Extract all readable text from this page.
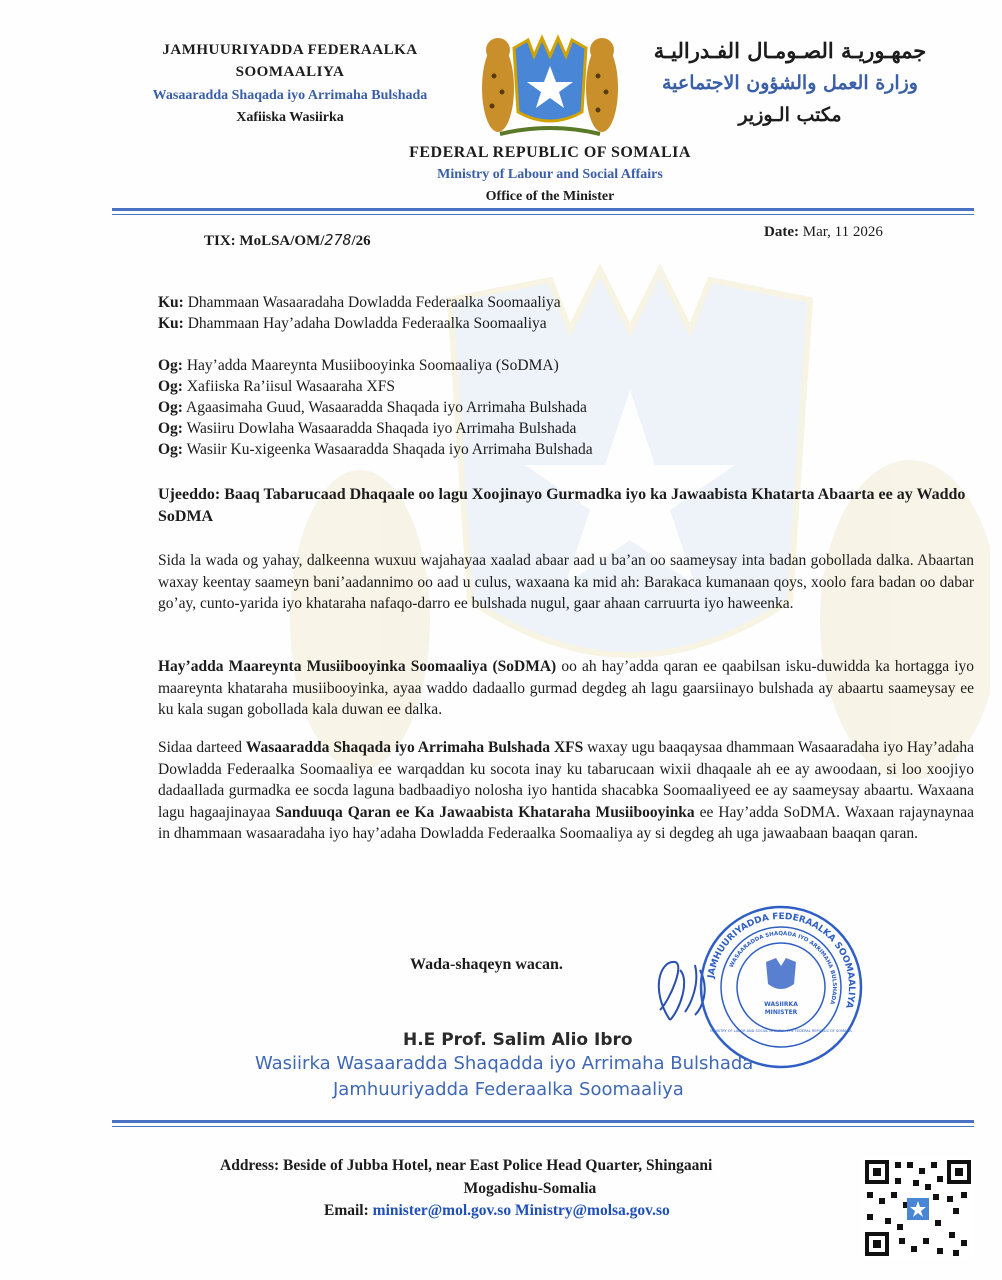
JAMHUURIYADDA FEDERAALKA
SOOMAALIYA
Wasaaradda Shaqada iyo Arrimaha Bulshada
Xafiiska Wasiirka
جمهـوريـة الصـومـال الفـدراليـة
وزارة العمل والشؤون الاجتماعية
مكتب الـوزير
FEDERAL REPUBLIC OF SOMALIA
Ministry of Labour and Social Affairs
Office of the Minister
TIX: MoLSA/OM/278/26
Date: Mar, 11 2026
Ku: Dhammaan Wasaaradaha Dowladda Federaalka Soomaaliya
Ku: Dhammaan Hay’adaha Dowladda Federaalka Soomaaliya
Og: Hay’adda Maareynta Musiibooyinka Soomaaliya (SoDMA)
Og: Xafiiska Ra’iisul Wasaaraha XFS
Og: Agaasimaha Guud, Wasaaradda Shaqada iyo Arrimaha Bulshada
Og: Wasiiru Dowlaha Wasaaradda Shaqada iyo Arrimaha Bulshada
Og: Wasiir Ku-xigeenka Wasaaradda Shaqada iyo Arrimaha Bulshada
Ujeeddo: Baaq Tabarucaad Dhaqaale oo lagu Xoojinayo Gurmadka iyo ka Jawaabista Khatarta Abaarta ee ay Waddo SoDMA
Sida la wada og yahay, dalkeenna wuxuu wajahayaa xaalad abaar aad u ba’an oo saameysay inta badan gobollada dalka. Abaartan waxay keentay saameyn bani’aadannimo oo aad u culus, waxaana ka mid ah: Barakaca kumanaan qoys, xoolo fara badan oo dabar go’ay, cunto-yarida iyo khataraha nafaqo-darro ee bulshada nugul, gaar ahaan carruurta iyo haweenka.
Hay’adda Maareynta Musiibooyinka Soomaaliya (SoDMA) oo ah hay’adda qaran ee qaabilsan isku-duwidda ka hortagga iyo maareynta khataraha musiibooyinka, ayaa waddo dadaallo gurmad degdeg ah lagu gaarsiinayo bulshada ay abaartu saameysay ee ku kala sugan gobollada kala duwan ee dalka.
Sidaa darteed Wasaaradda Shaqada iyo Arrimaha Bulshada XFS waxay ugu baaqaysaa dhammaan Wasaaradaha iyo Hay’adaha Dowladda Federaalka Soomaaliya ee warqaddan ku socota inay ku tabarucaan wixii dhaqaale ah ee ay awoodaan, si loo xoojiyo dadaallada gurmadka ee socda laguna badbaadiyo nolosha iyo hantida shacabka Soomaaliyeed ee ay saameysay abaartu. Waxaana lagu hagaajinayaa Sanduuqa Qaran ee Ka Jawaabista Khataraha Musiibooyinka ee Hay’adda SoDMA. Waxaan rajaynaynaa in dhammaan wasaaradaha iyo hay’adaha Dowladda Federaalka Soomaaliya ay si degdeg ah uga jawaabaan baaqan qaran.
Wada-shaqeyn wacan.
JAMHUURIYADDA FEDERAALKA SOOMAALIYA
WASAARADDA SHAQADA IYO ARRIMAHA BULSHADA
WASIIRKA
MINISTER
MINISTRY OF LABOR AND SOCIAL AFFAIRS · THE FEDERAL REPUBLIC OF SOMALIA
H.E Prof. Salim Alio Ibro
Wasiirka Wasaaradda Shaqadda iyo Arrimaha Bulshada
Jamhuuriyadda Federaalka Soomaaliya
Address: Beside of Jubba Hotel, near East Police Head Quarter, Shingaani
Mogadishu-Somalia
Email: minister@mol.gov.so Ministry@molsa.gov.so
